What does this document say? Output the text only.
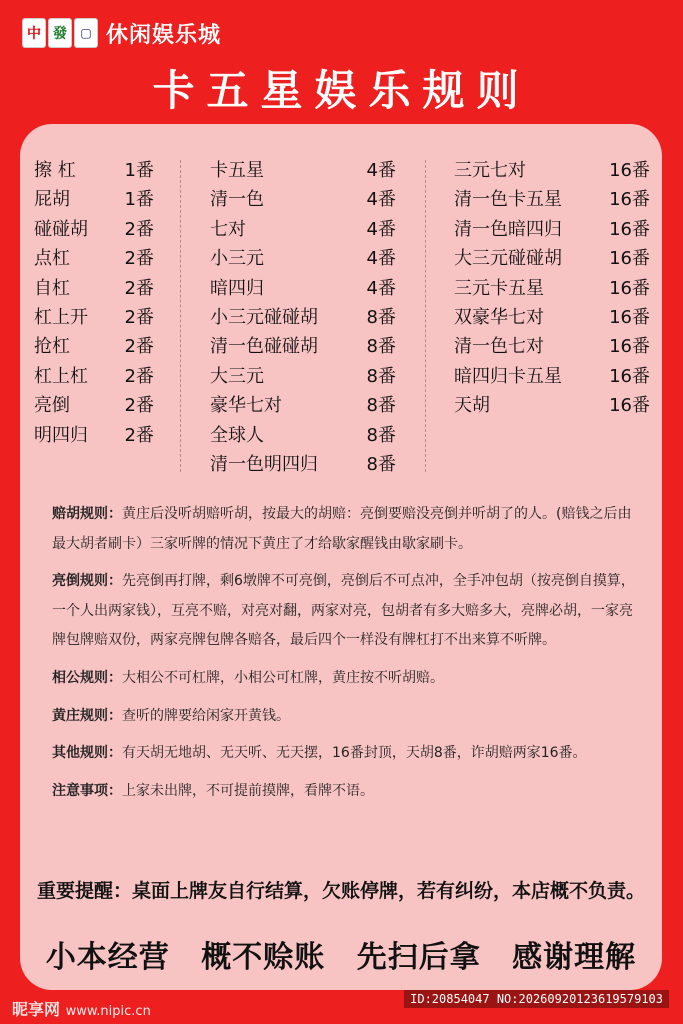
中 發	▢ 休闲娱乐城
卡五星娱乐规则
擦 杠	1番
屁胡	1番
碰碰胡	2番
点杠	2番
自杠	2番
杠上开	2番
抢杠	2番
杠上杠	2番
亮倒	2番
明四归	2番
卡五星	4番
清一色	4番
七对	4番
小三元	4番
暗四归	4番
小三元碰碰胡	8番
清一色碰碰胡	8番
大三元	8番
豪华七对	8番
全球人	8番
清一色明四归	8番
三元七对	16番
清一色卡五星	16番
清一色暗四归	16番
大三元碰碰胡	16番
三元卡五星	16番
双豪华七对	16番
清一色七对	16番
暗四归卡五星	16番
天胡	16番
赔胡规则：黄庄后没听胡赔听胡，按最大的胡赔：亮倒要赔没亮倒并听胡了的人。(赔钱之后由最大胡者刷卡）三家听牌的情况下黄庄了才给歇家醒钱由歇家刷卡。
亮倒规则：先亮倒再打牌，剩6墩牌不可亮倒，亮倒后不可点冲，全手冲包胡（按亮倒自摸算，一个人出两家钱），互亮不赔，对亮对翻，两家对亮，包胡者有多大赔多大，亮牌必胡，一家亮牌包牌赔双份，两家亮牌包牌各赔各，最后四个一样没有牌杠打不出来算不听牌。
相公规则：大相公不可杠牌，小相公可杠牌，黄庄按不听胡赔。
黄庄规则：查听的牌要给闲家开黄钱。
其他规则：有天胡无地胡、无天听、无天摆，16番封顶，天胡8番，诈胡赔两家16番。
注意事项：上家未出牌，不可提前摸牌，看牌不语。
重要提醒：桌面上牌友自行结算，欠账停牌，若有纠纷，本店概不负责。
小本经营 概不赊账 先扫后拿 感谢理解
昵享网 www.nipic.cn
ID:20854047 NO:20260920123619579103
